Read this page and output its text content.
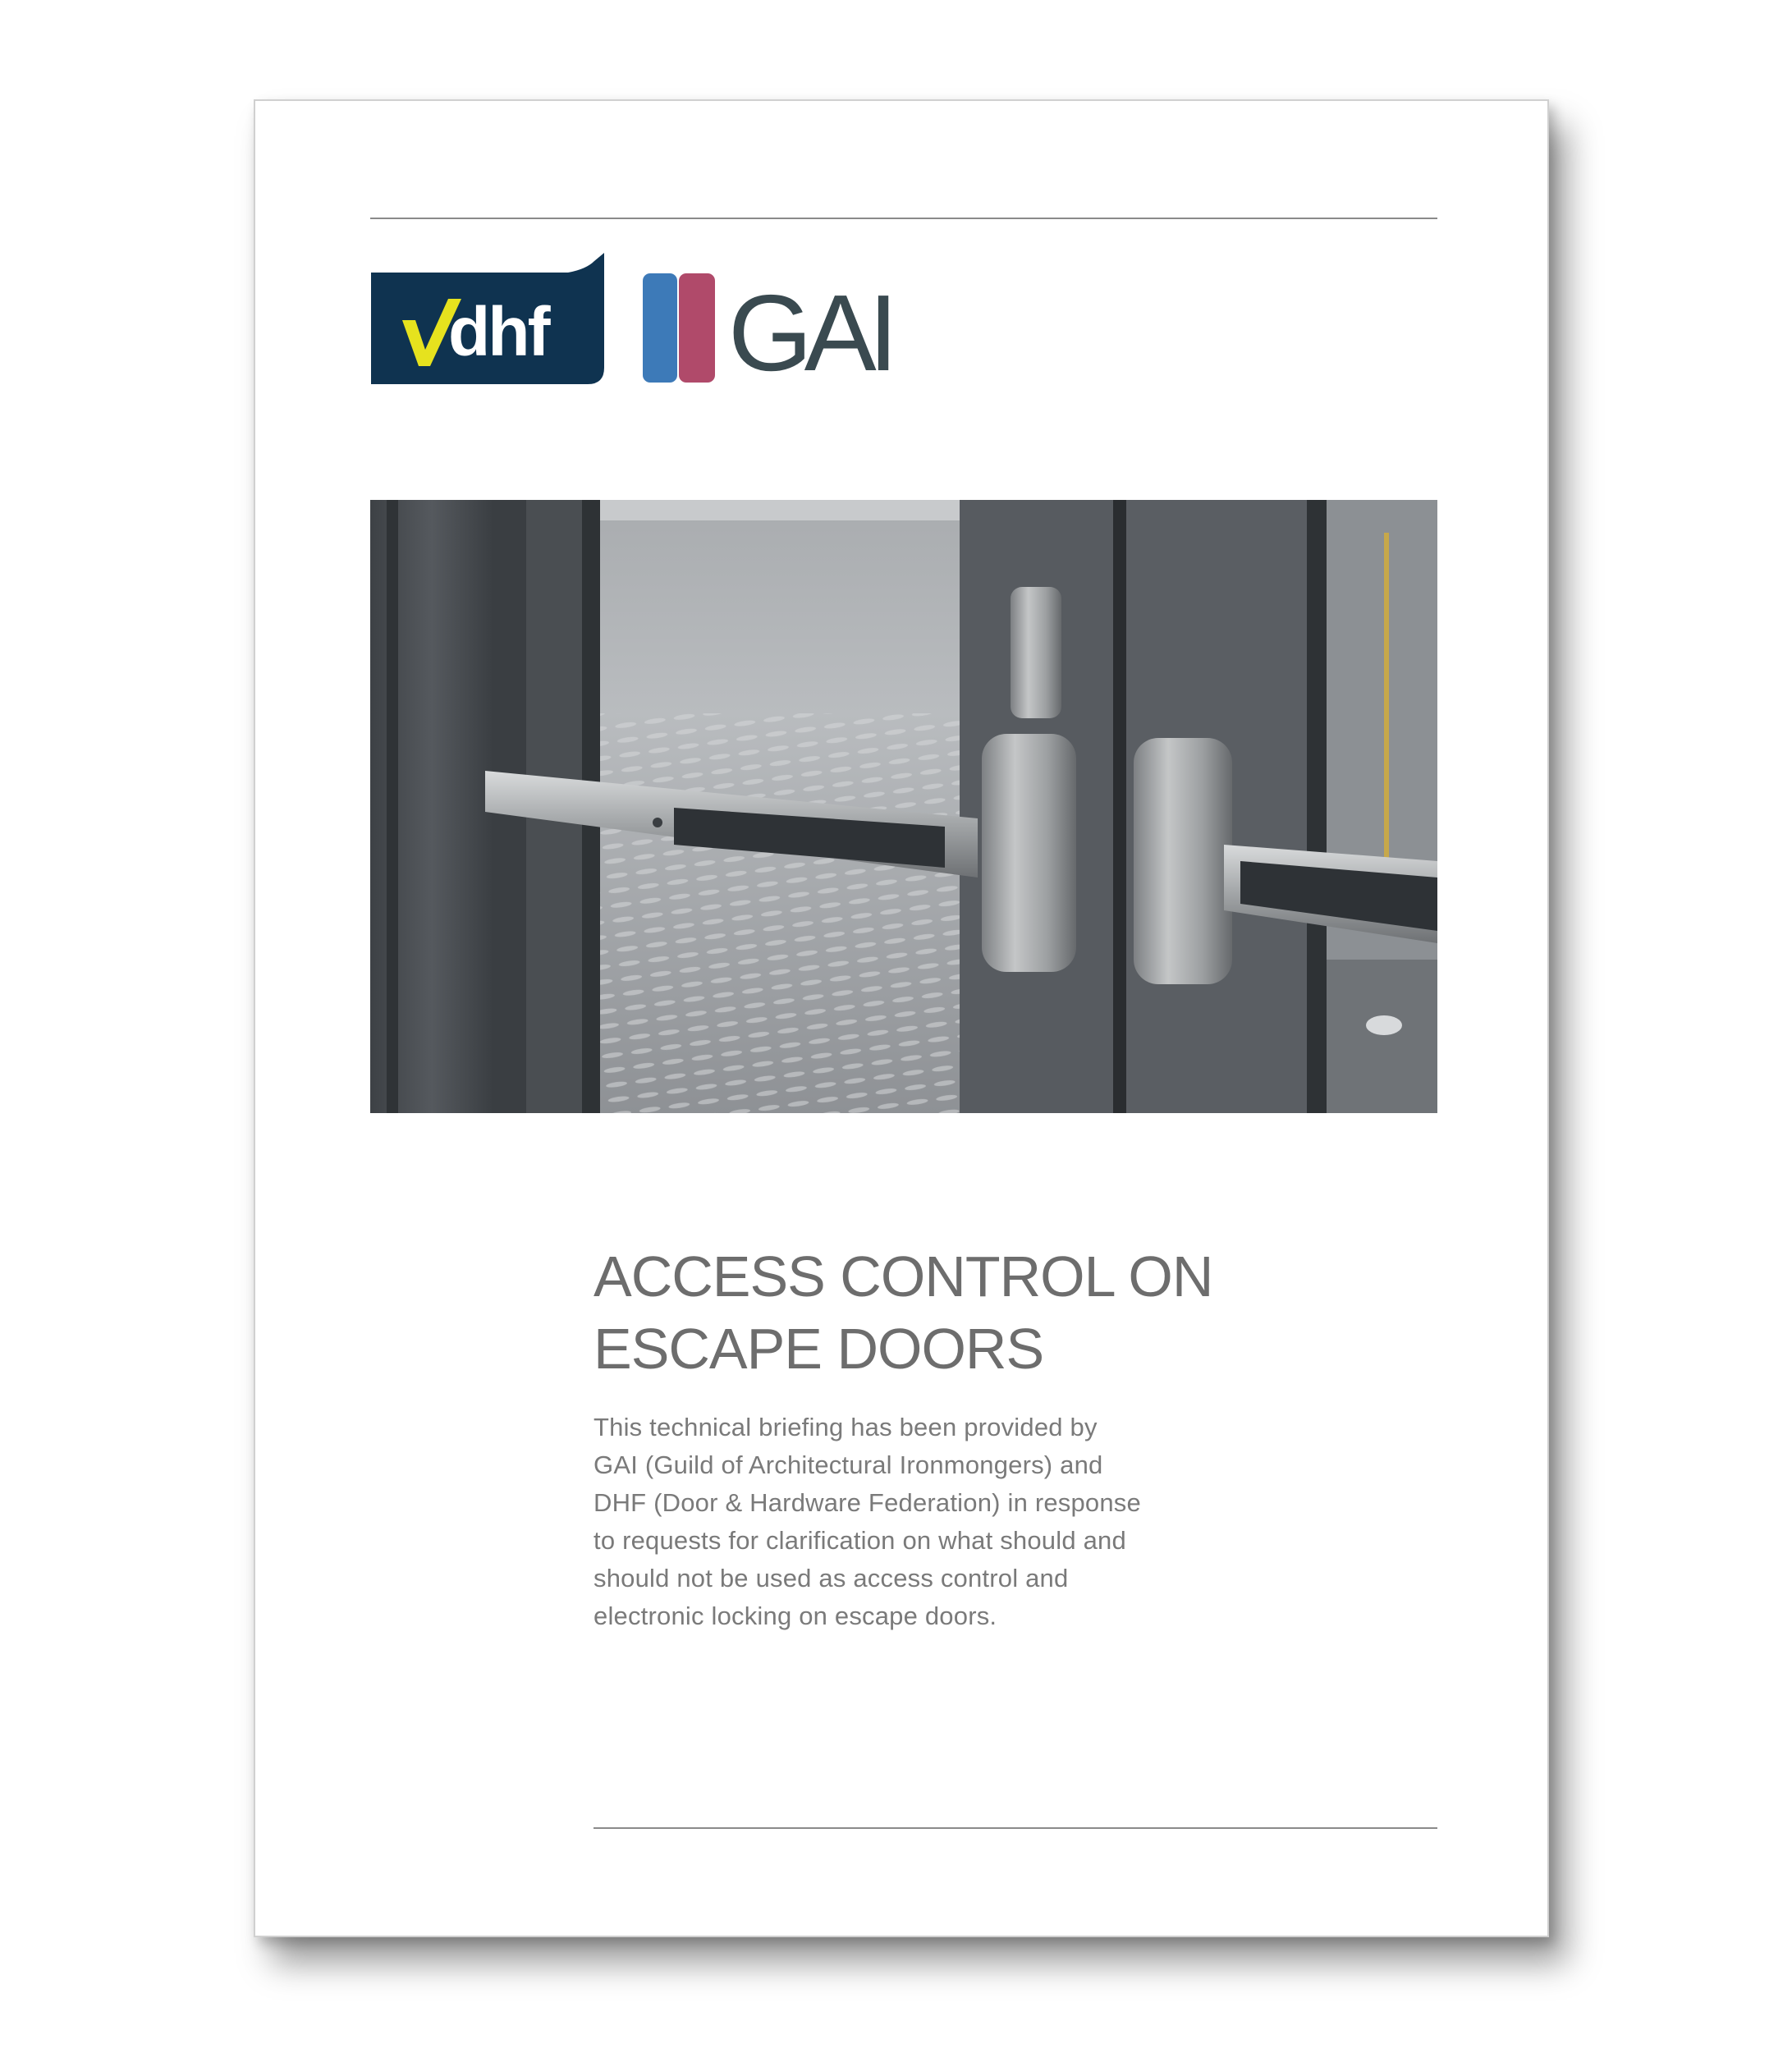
dhf GAI
ACCESS CONTROL ON
ESCAPE DOORS

This technical briefing has been provided by
GAI (Guild of Architectural Ironmongers) and
DHF (Door & Hardware Federation) in response
to requests for clarification on what should and
should not be used as access control and
electronic locking on escape doors.
